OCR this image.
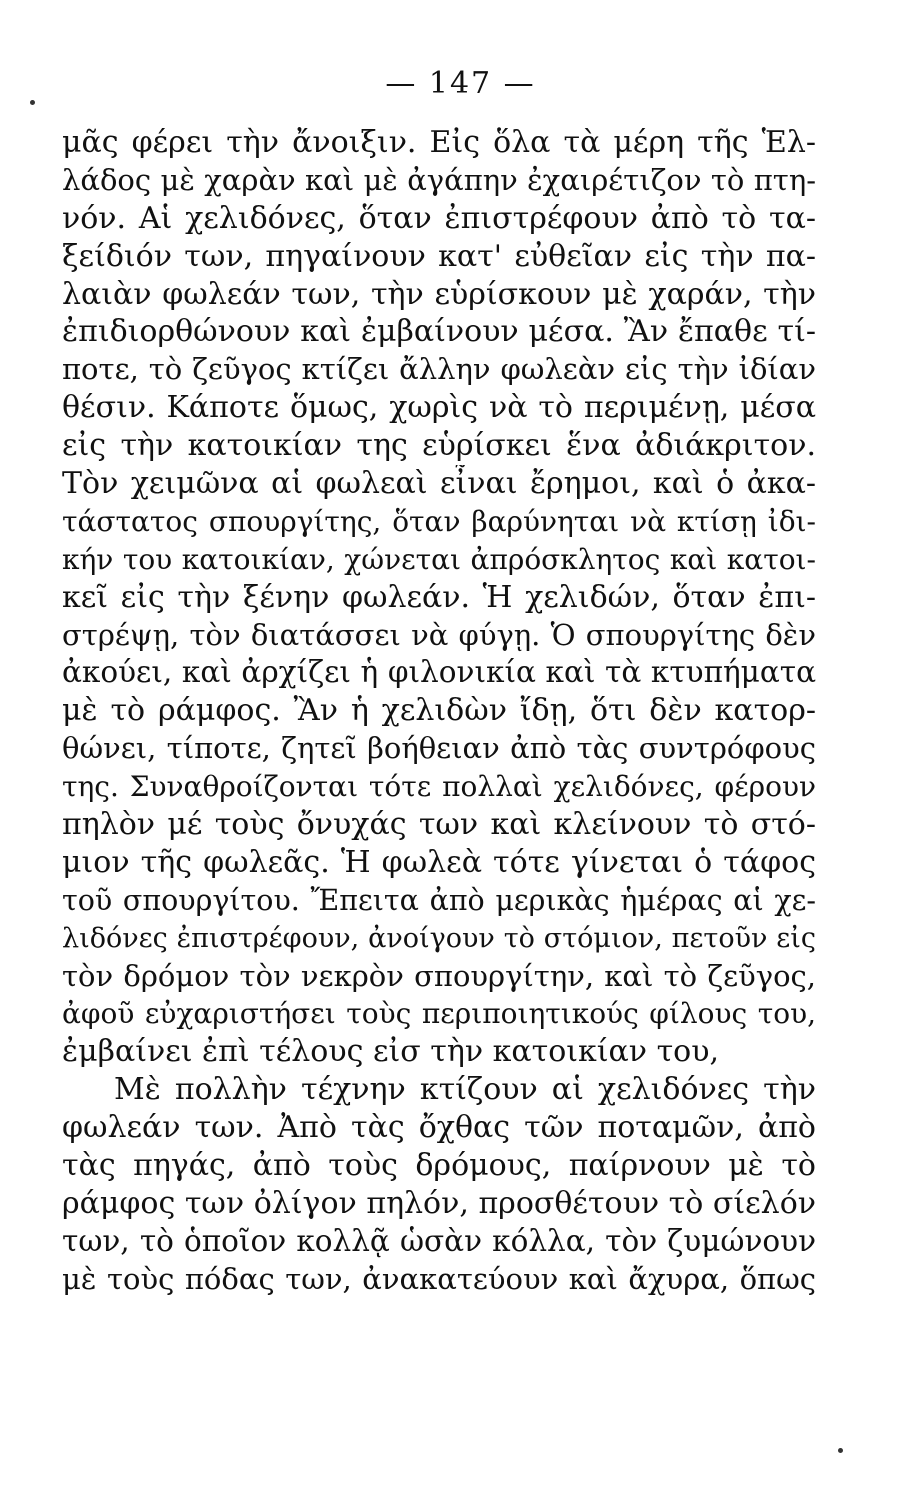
— 147 —
μᾶς φέρει τὴν ἄνοιξιν. Εἰς ὅλα τὰ μέρη τῆς Ἑλ-
λάδος μὲ χαρὰν καὶ μὲ ἀγάπην ἐχαιρέτιζον τὸ πτη-
νόν. Αἱ χελιδόνες, ὅταν ἐπιστρέφουν ἀπὸ τὸ τα-
ξείδιόν των, πηγαίνουν κατ' εὐθεῖαν εἰς τὴν πα-
λαιὰν φωλεάν των, τὴν εὑρίσκουν μὲ χαράν, τὴν
ἐπιδιορθώνουν καὶ ἐμβαίνουν μέσα. Ἂν ἔπαθε τί-
ποτε, τὸ ζεῦγος κτίζει ἄλλην φωλεὰν εἰς τὴν ἰδίαν
θέσιν. Κάποτε ὅμως, χωρὶς νὰ τὸ περιμένῃ, μέσα
εἰς τὴν κατοικίαν της εὑρίσκει ἕνα ἀδιάκριτον.
Τὸν χειμῶνα αἱ φωλεαὶ εἶναι ἔρημοι, καὶ ὁ ἀκα-
τάστατος σπουργίτης, ὅταν βαρύνηται νὰ κτίσῃ ἰδι-
κήν του κατοικίαν, χώνεται ἀπρόσκλητος καὶ κατοι-
κεῖ εἰς τὴν ξένην φωλεάν. Ἡ χελιδών, ὅταν ἐπι-
στρέψῃ, τὸν διατάσσει νὰ φύγῃ. Ὁ σπουργίτης δὲν
ἀκούει, καὶ ἀρχίζει ἡ φιλονικία καὶ τὰ κτυπήματα
μὲ τὸ ράμφος. Ἂν ἡ χελιδὼν ἴδῃ, ὅτι δὲν κατορ-
θώνει, τίποτε, ζητεῖ βοήθειαν ἀπὸ τὰς συντρόφους
της. Συναθροίζονται τότε πολλαὶ χελιδόνες, φέρουν
πηλὸν μέ τοὺς ὄνυχάς των καὶ κλείνουν τὸ στό-
μιον τῆς φωλεᾶς. Ἡ φωλεὰ τότε γίνεται ὁ τάφος
τοῦ σπουργίτου. Ἔπειτα ἀπὸ μερικὰς ἡμέρας αἱ χε-
λιδόνες ἐπιστρέφουν, ἀνοίγουν τὸ στόμιον, πετοῦν εἰς
τὸν δρόμον τὸν νεκρὸν σπουργίτην, καὶ τὸ ζεῦγος,
ἀφοῦ εὐχαριστήσει τοὺς περιποιητικούς φίλους του,
ἐμβαίνει ἐπὶ τέλους εἰσ τὴν κατοικίαν του,
Μὲ πολλὴν τέχνην κτίζουν αἱ χελιδόνες τὴν
φωλεάν των. Ἀπὸ τὰς ὄχθας τῶν ποταμῶν, ἀπὸ
τὰς πηγάς, ἀπὸ τοὺς δρόμους, παίρνουν μὲ τὸ
ράμφος των ὀλίγον πηλόν, προσθέτουν τὸ σίελόν
των, τὸ ὁποῖον κολλᾷ ὡσὰν κόλλα, τὸν ζυμώνουν
μὲ τοὺς πόδας των, ἀνακατεύουν καὶ ἄχυρα, ὅπως
